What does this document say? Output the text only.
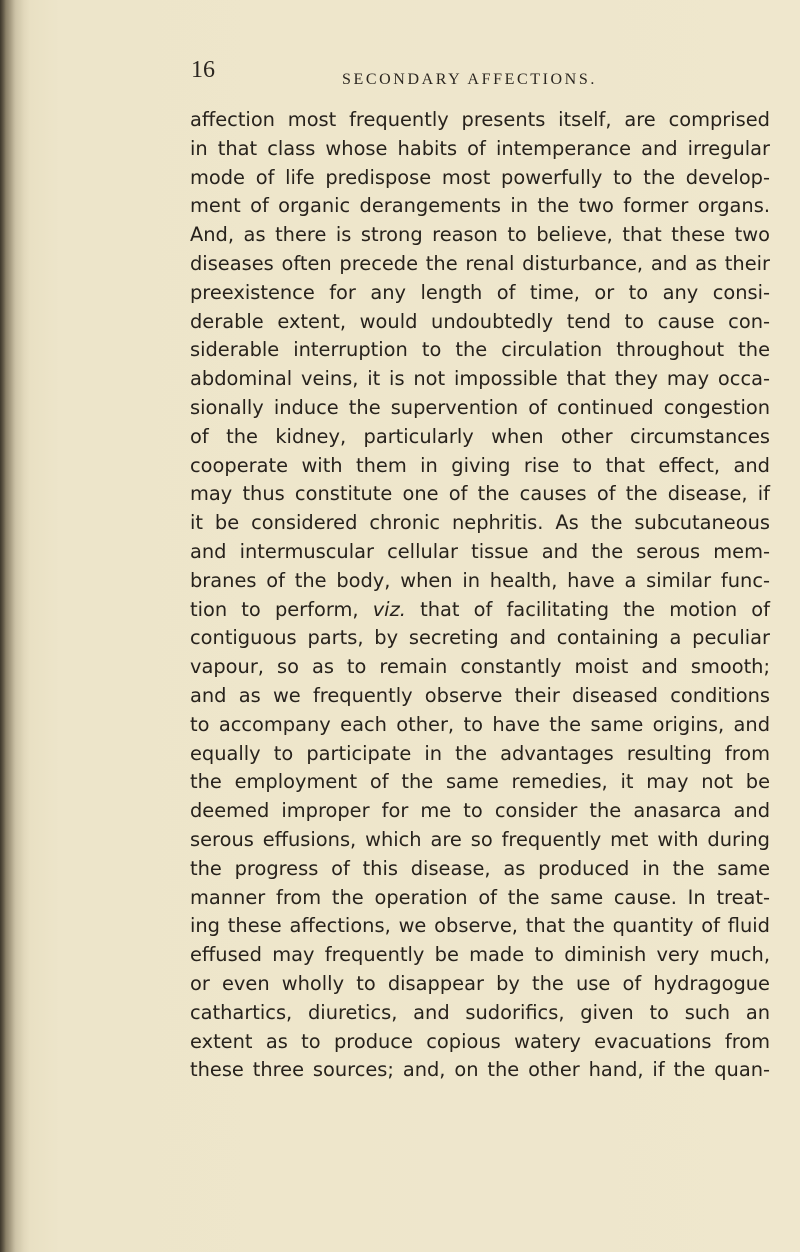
16	SECONDARY AFFECTIONS.
affection most frequently presents itself, are comprised
in that class whose habits of intemperance and irregular
mode of life predispose most powerfully to the develop-
ment of organic derangements in the two former organs.
And, as there is strong reason to believe, that these two
diseases often precede the renal disturbance, and as their
preexistence for any length of time, or to any consi-
derable extent, would undoubtedly tend to cause con-
siderable interruption to the circulation throughout the
abdominal veins, it is not impossible that they may occa-
sionally induce the supervention of continued congestion
of the kidney, particularly when other circumstances
cooperate with them in giving rise to that effect, and
may thus constitute one of the causes of the disease, if
it be considered chronic nephritis. As the subcutaneous
and intermuscular cellular tissue and the serous mem-
branes of the body, when in health, have a similar func-
tion to perform, viz. that of facilitating the motion of
contiguous parts, by secreting and containing a peculiar
vapour, so as to remain constantly moist and smooth;
and as we frequently observe their diseased conditions
to accompany each other, to have the same origins, and
equally to participate in the advantages resulting from
the employment of the same remedies, it may not be
deemed improper for me to consider the anasarca and
serous effusions, which are so frequently met with during
the progress of this disease, as produced in the same
manner from the operation of the same cause. In treat-
ing these affections, we observe, that the quantity of fluid
effused may frequently be made to diminish very much,
or even wholly to disappear by the use of hydragogue
cathartics, diuretics, and sudorifics, given to such an
extent as to produce copious watery evacuations from
these three sources; and, on the other hand, if the quan-
